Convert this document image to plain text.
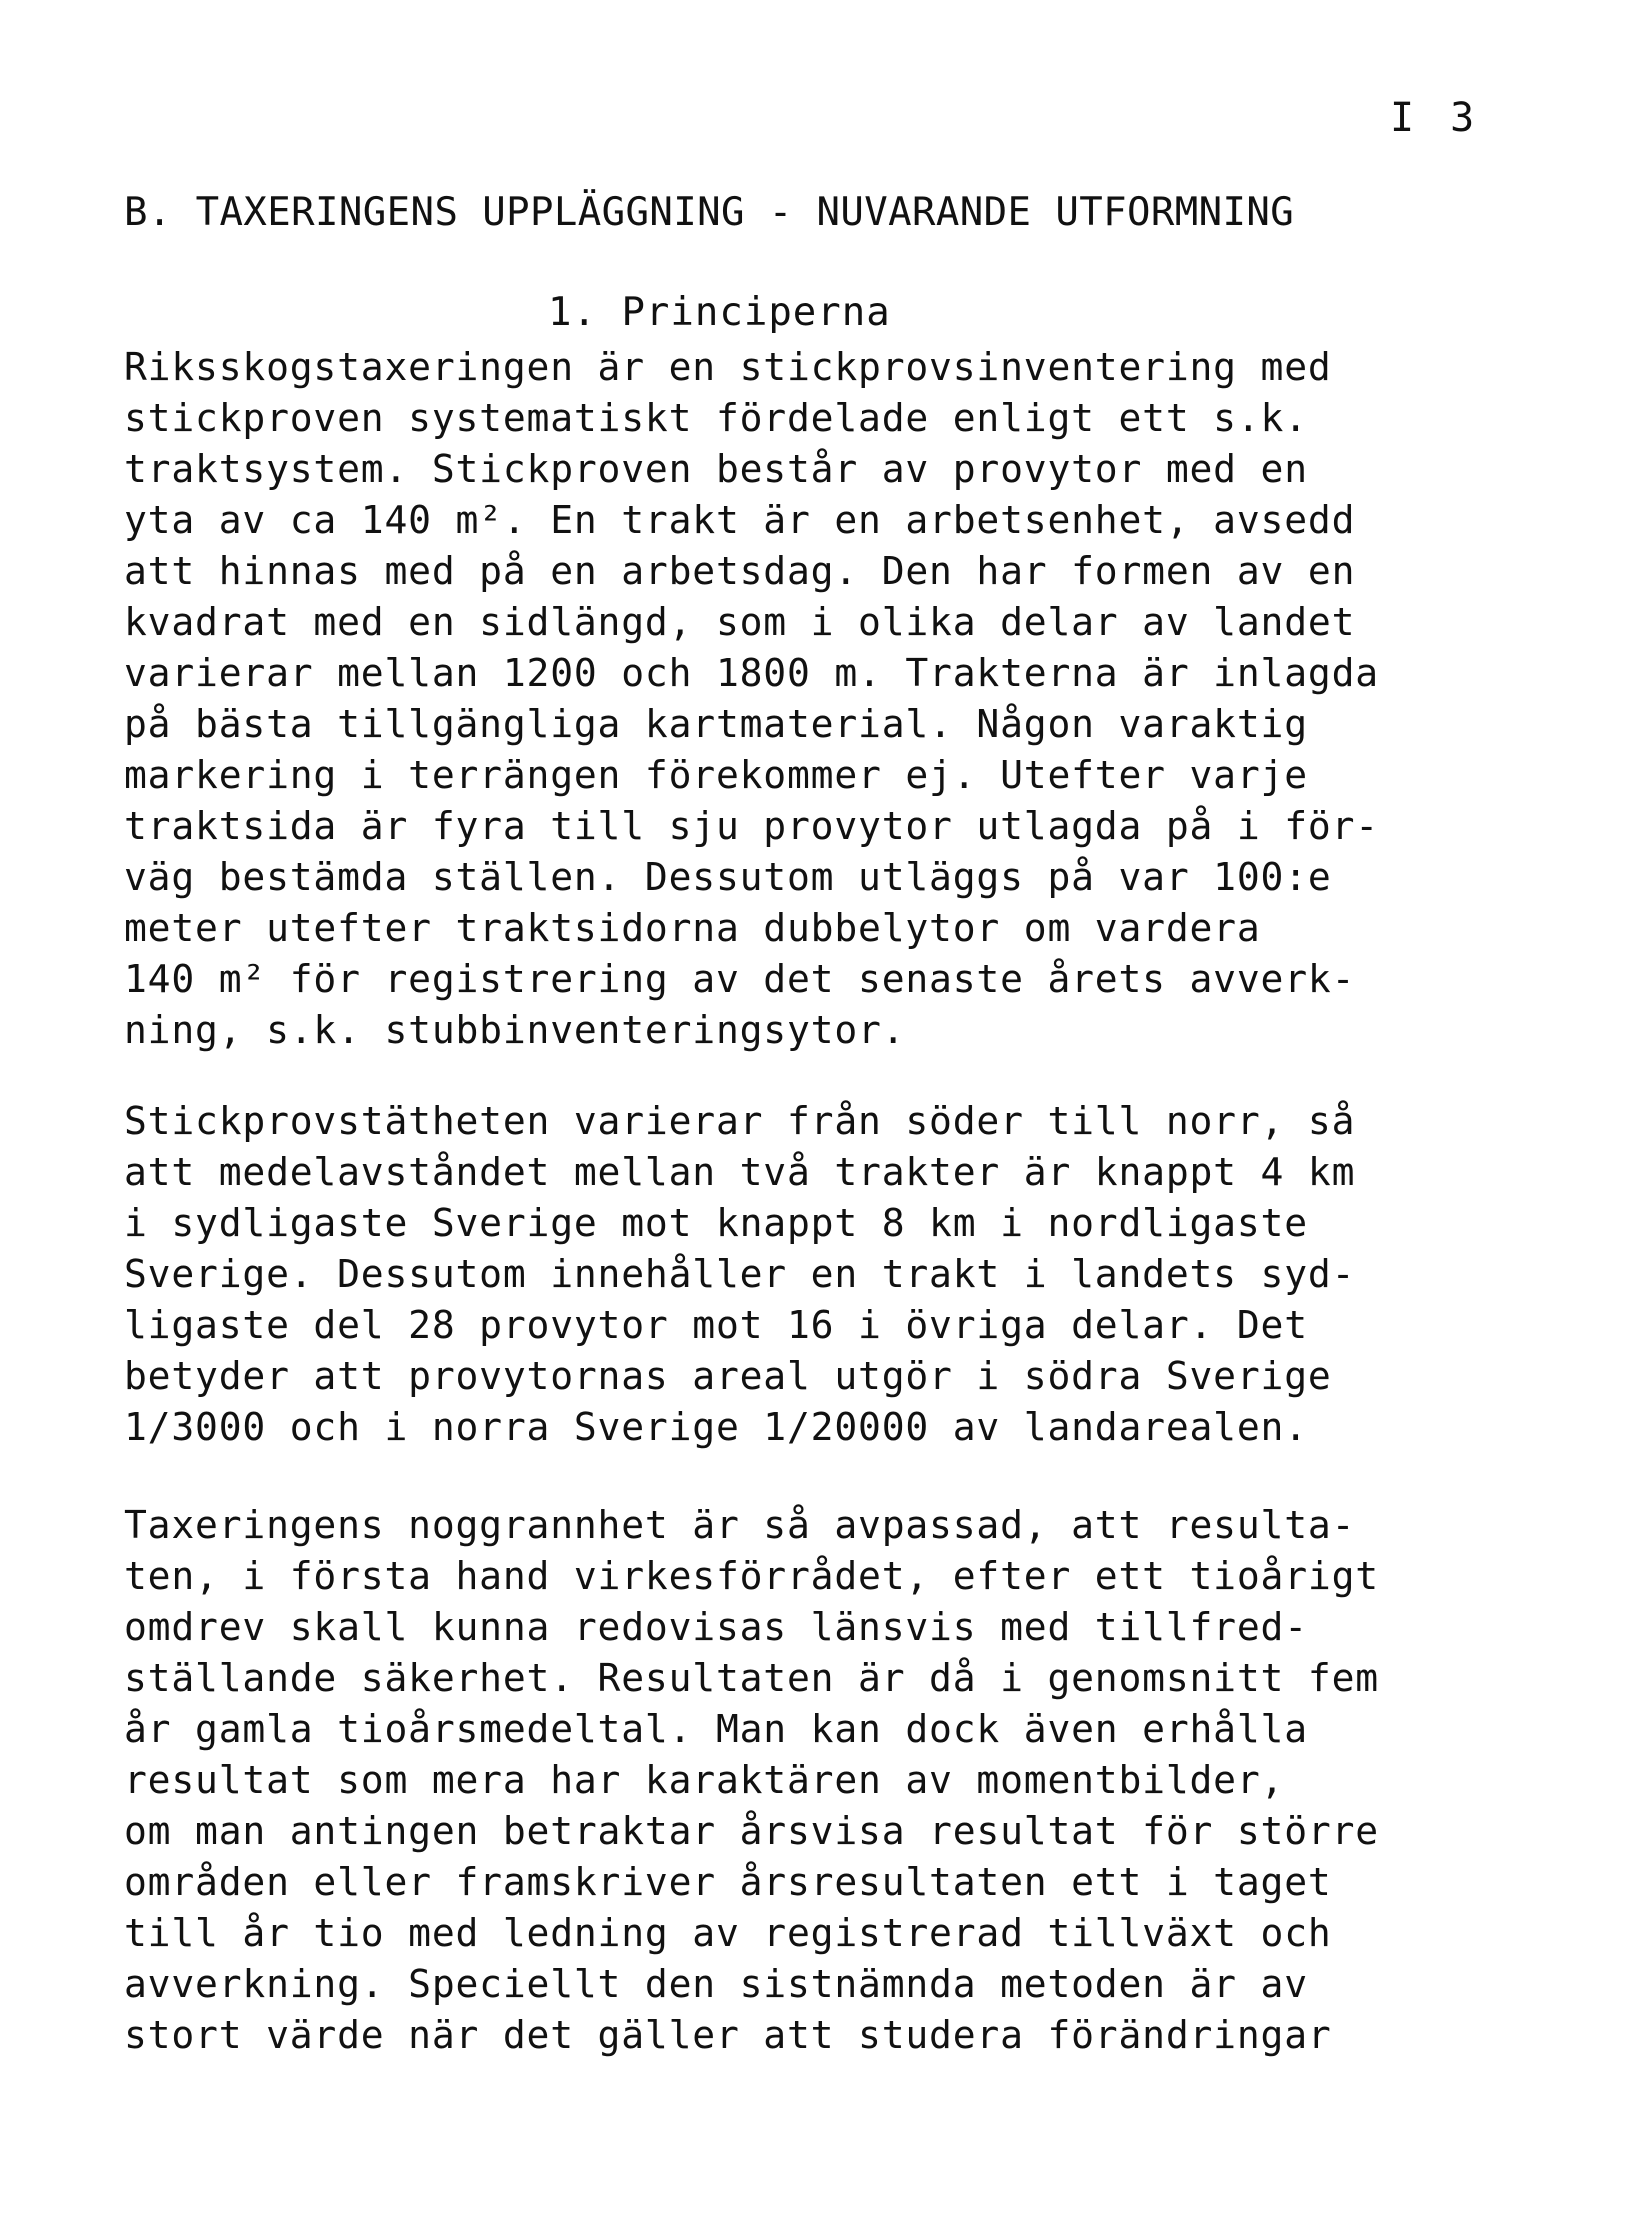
I 3
B. TAXERINGENS UPPLÄGGNING - NUVARANDE UTFORMNING
1. Principerna
Riksskogstaxeringen är en stickprovsinventering med
stickproven systematiskt fördelade enligt ett s.k.
traktsystem. Stickproven består av provytor med en
yta av ca 140 m². En trakt är en arbetsenhet, avsedd
att hinnas med på en arbetsdag. Den har formen av en
kvadrat med en sidlängd, som i olika delar av landet
varierar mellan 1200 och 1800 m. Trakterna är inlagda
på bästa tillgängliga kartmaterial. Någon varaktig
markering i terrängen förekommer ej. Utefter varje
traktsida är fyra till sju provytor utlagda på i för-
väg bestämda ställen. Dessutom utläggs på var 100:e
meter utefter traktsidorna dubbelytor om vardera
140 m² för registrering av det senaste årets avverk-
ning, s.k. stubbinventeringsytor.
Stickprovstätheten varierar från söder till norr, så
att medelavståndet mellan två trakter är knappt 4 km
i sydligaste Sverige mot knappt 8 km i nordligaste
Sverige. Dessutom innehåller en trakt i landets syd-
ligaste del 28 provytor mot 16 i övriga delar. Det
betyder att provytornas areal utgör i södra Sverige
1/3000 och i norra Sverige 1/20000 av landarealen.
Taxeringens noggrannhet är så avpassad, att resulta-
ten, i första hand virkesförrådet, efter ett tioårigt
omdrev skall kunna redovisas länsvis med tillfred-
ställande säkerhet. Resultaten är då i genomsnitt fem
år gamla tioårsmedeltal. Man kan dock även erhålla
resultat som mera har karaktären av momentbilder,
om man antingen betraktar årsvisa resultat för större
områden eller framskriver årsresultaten ett i taget
till år tio med ledning av registrerad tillväxt och
avverkning. Speciellt den sistnämnda metoden är av
stort värde när det gäller att studera förändringar
